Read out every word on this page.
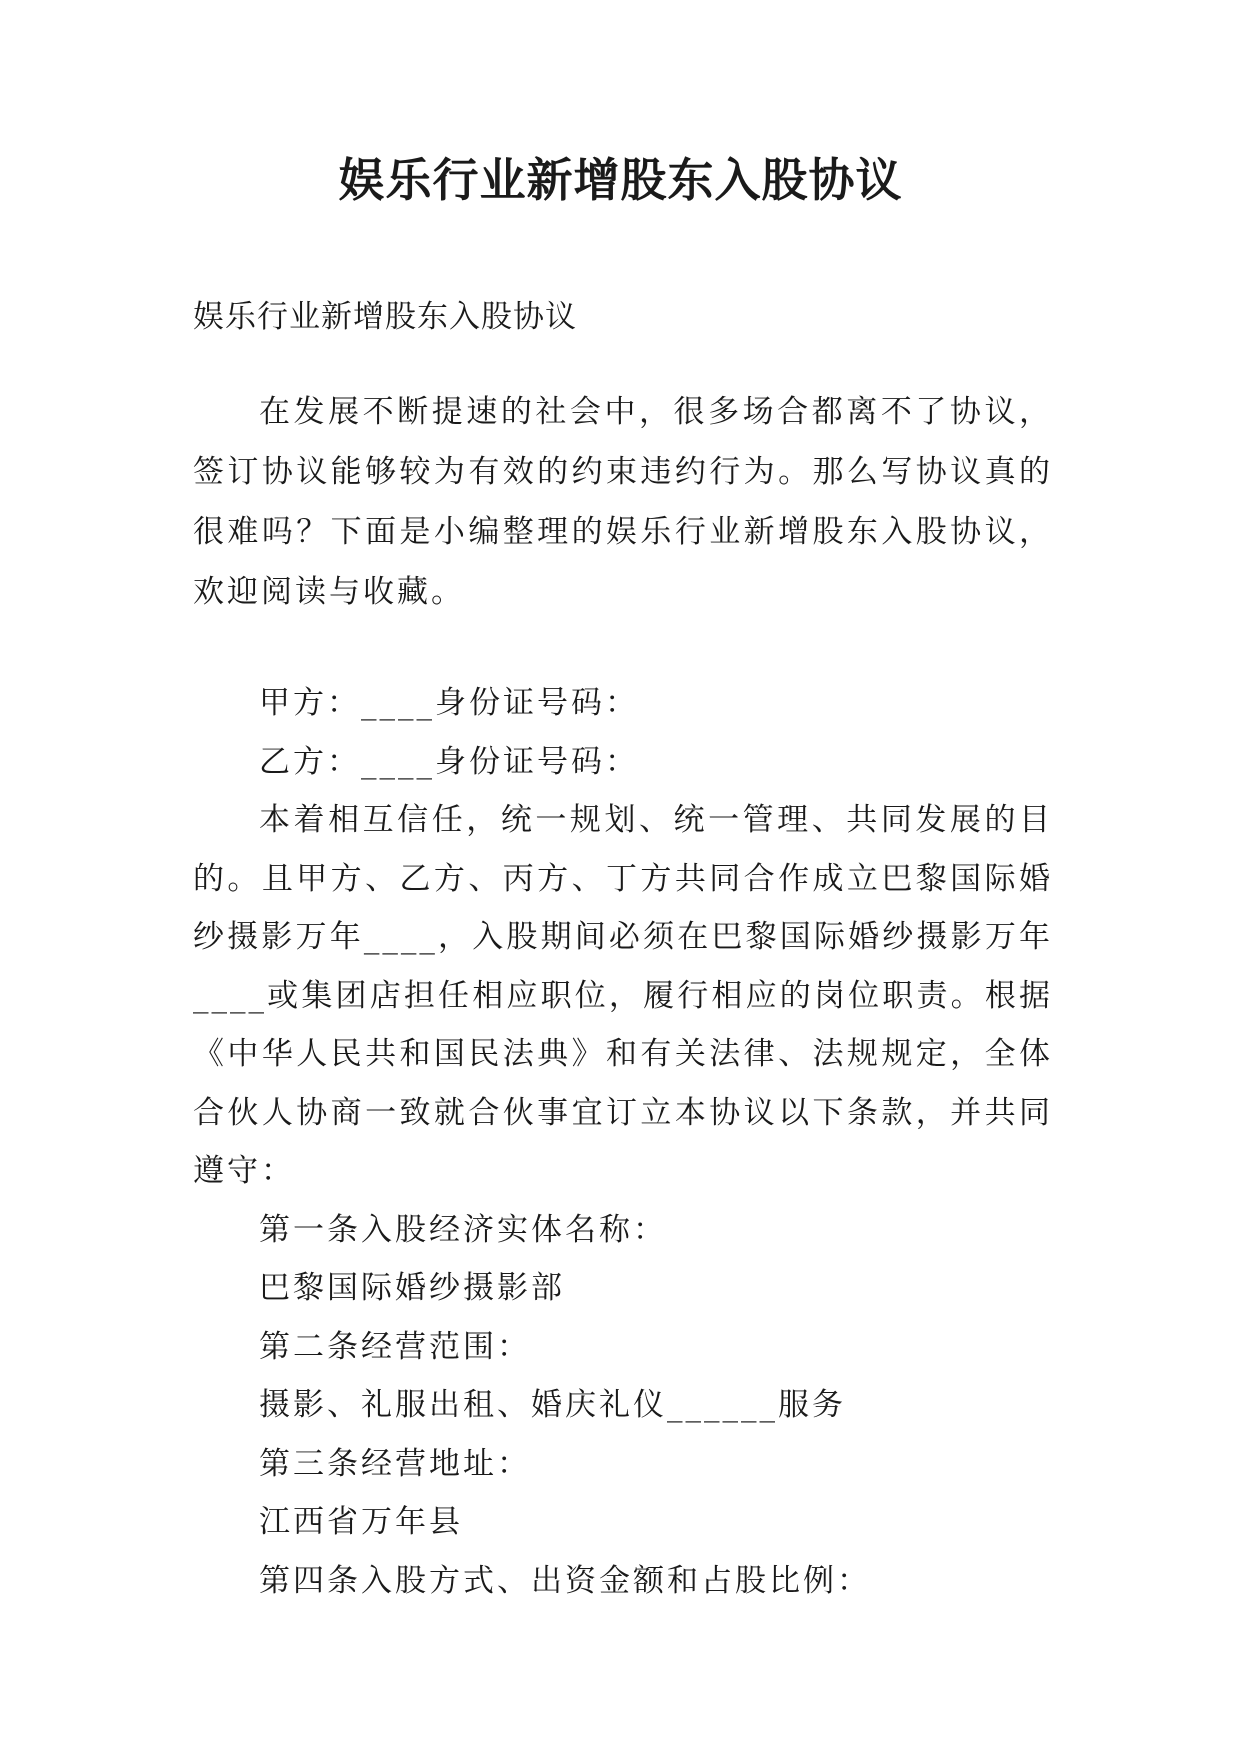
娱乐行业新增股东入股协议

娱乐行业新增股东入股协议

在发展不断提速的社会中，很多场合都离不了协议，签订协议能够较为有效的约束违约行为。那么写协议真的很难吗？下面是小编整理的娱乐行业新增股东入股协议，欢迎阅读与收藏。

甲方：____身份证号码：

乙方：____身份证号码：

本着相互信任，统一规划、统一管理、共同发展的目的。且甲方、乙方、丙方、丁方共同合作成立巴黎国际婚纱摄影万年____，入股期间必须在巴黎国际婚纱摄影万年____或集团店担任相应职位，履行相应的岗位职责。根据《中华人民共和国民法典》和有关法律、法规规定，全体合伙人协商一致就合伙事宜订立本协议以下条款，并共同遵守：

第一条入股经济实体名称：

巴黎国际婚纱摄影部

第二条经营范围：

摄影、礼服出租、婚庆礼仪______服务

第三条经营地址：

江西省万年县

第四条入股方式、出资金额和占股比例：
